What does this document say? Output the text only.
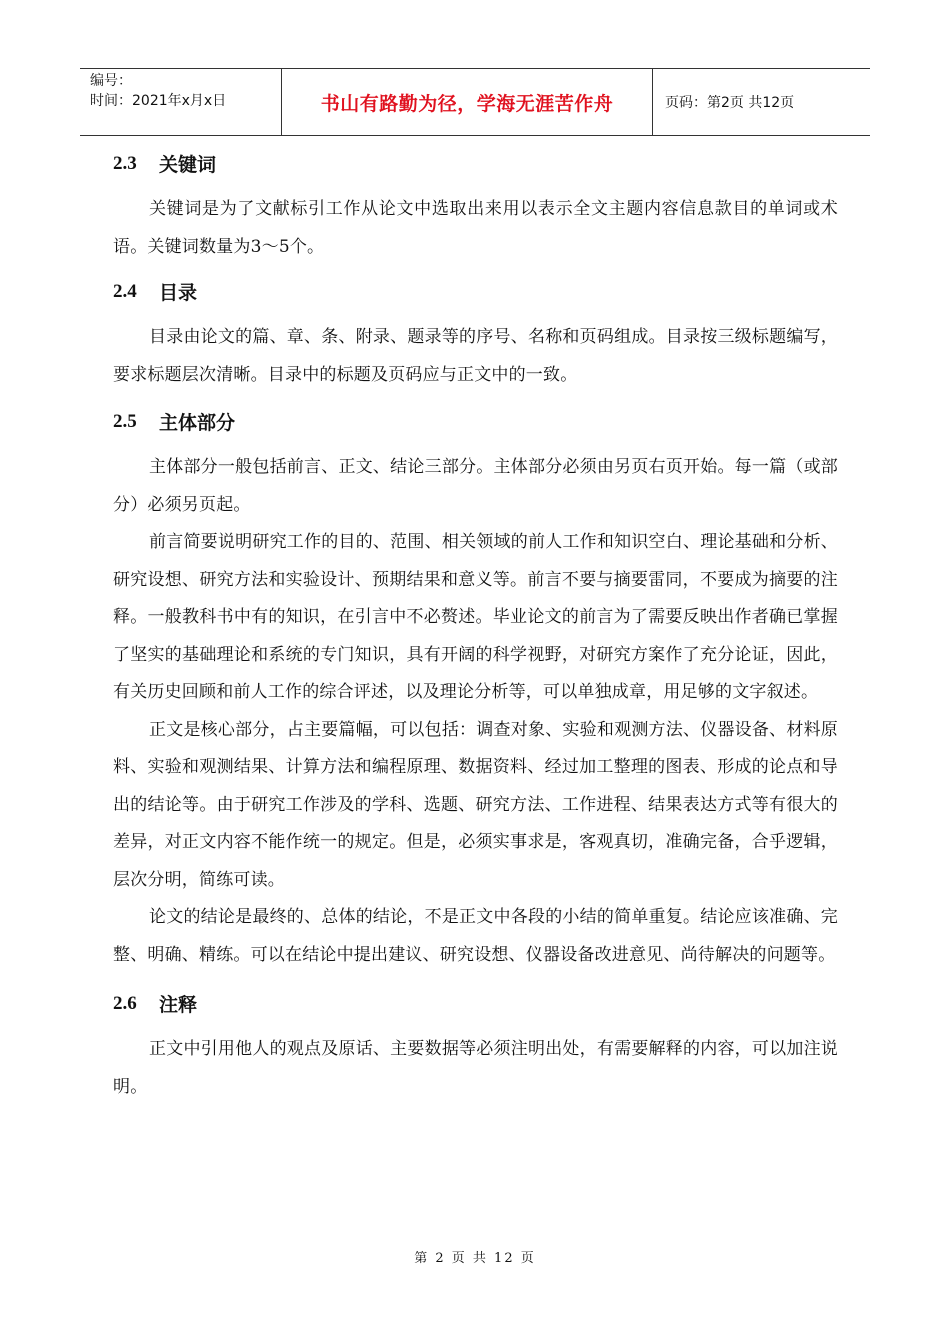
编号：
时间：2021年x月x日	书山有路勤为径，学海无涯苦作舟	页码：第2页 共12页
2.3	关键词

关键词是为了文献标引工作从论文中选取出来用以表示全文主题内容信息款目的单词或术语。关键词数量为3～5个。

2.4	目录

目录由论文的篇、章、条、附录、题录等的序号、名称和页码组成。目录按三级标题编写，要求标题层次清晰。目录中的标题及页码应与正文中的一致。

2.5	主体部分

主体部分一般包括前言、正文、结论三部分。主体部分必须由另页右页开始。每一篇（或部分）必须另页起。

前言简要说明研究工作的目的、范围、相关领域的前人工作和知识空白、理论基础和分析、研究设想、研究方法和实验设计、预期结果和意义等。前言不要与摘要雷同，不要成为摘要的注释。一般教科书中有的知识，在引言中不必赘述。毕业论文的前言为了需要反映出作者确已掌握了坚实的基础理论和系统的专门知识，具有开阔的科学视野，对研究方案作了充分论证，因此，有关历史回顾和前人工作的综合评述，以及理论分析等，可以单独成章，用足够的文字叙述。

正文是核心部分，占主要篇幅，可以包括：调查对象、实验和观测方法、仪器设备、材料原料、实验和观测结果、计算方法和编程原理、数据资料、经过加工整理的图表、形成的论点和导出的结论等。由于研究工作涉及的学科、选题、研究方法、工作进程、结果表达方式等有很大的差异，对正文内容不能作统一的规定。但是，必须实事求是，客观真切，准确完备，合乎逻辑，层次分明，简练可读。

论文的结论是最终的、总体的结论，不是正文中各段的小结的简单重复。结论应该准确、完整、明确、精练。可以在结论中提出建议、研究设想、仪器设备改进意见、尚待解决的问题等。

2.6	注释

正文中引用他人的观点及原话、主要数据等必须注明出处，有需要解释的内容，可以加注说明。

第 2 页 共 12 页
